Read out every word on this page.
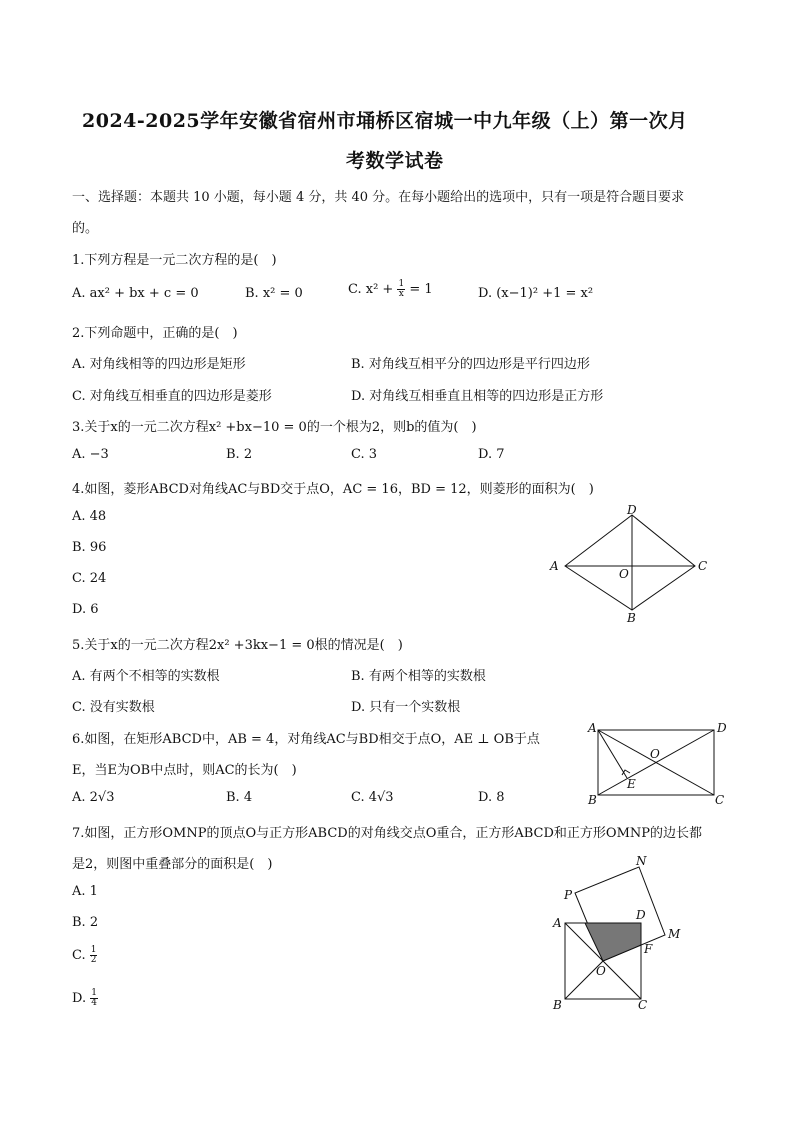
2024-2025学年安徽省宿州市埇桥区宿城一中九年级（上）第一次月
考数学试卷
一、选择题：本题共 10 小题，每小题 4 分，共 40 分。在每小题给出的选项中，只有一项是符合题目要求
的。
1.下列方程是一元二次方程的是(　)
A. ax² + bx + c = 0	B. x² = 0	C. $x^2 + \frac{1}{x} = 1$	D. (x−1)² +1 = x²
2.下列命题中，正确的是(　)
A. 对角线相等的四边形是矩形	B. 对角线互相平分的四边形是平行四边形
C. 对角线互相垂直的四边形是菱形	D. 对角线互相垂直且相等的四边形是正方形
3.关于x的一元二次方程x² +bx−10 = 0的一个根为2，则b的值为(　)
A. −3	B. 2	C. 3	D. 7
4.如图，菱形ABCD对角线AC与BD交于点O，AC = 16，BD = 12，则菱形的面积为(　)
A. 48
B. 96
C. 24
D. 6
A
D
C
B
O
5.关于x的一元二次方程2x² +3kx−1 = 0根的情况是(　)
A. 有两个不相等的实数根	B. 有两个相等的实数根
C. 没有实数根	D. 只有一个实数根
6.如图，在矩形ABCD中，AB = 4，对角线AC与BD相交于点O，AE ⊥ OB于点
E，当E为OB中点时，则AC的长为(　)
A. 2√3	B. 4	C. 4√3	D. 8
A	D
B	C
O
E
7.如图，正方形OMNP的顶点O与正方形ABCD的对角线交点O重合，正方形ABCD和正方形OMNP的边长都
是2，则图中重叠部分的面积是(　)
A. 1
B. 2
C. $\frac{1}{2}$
D. $\frac{1}{4}$
A
D
B	C
O
F
M
N
P
